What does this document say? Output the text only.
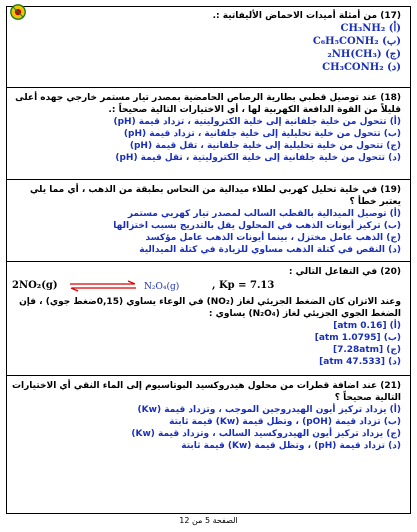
(17) من أمثلة أميدات الاحماض الأليفاتية :.
(أ) CH₃NH₂
(ب) C₆H₅CONH₂
(ج) (CH₃)₂NH
(د) CH₃CONH₂
(18) عند توصيل قطبي بطارية الرصاص الحامضية بمصدر تيار مستمر خارجي جهده أعلى قليلاً من القوة الدافعة الكهربية لها ، أي الاختيارات التالية صحيحاً :.
(أ) تتحول من خلية جلفانية إلى خلية الكتروليتية ، تزداد قيمة (pH)
(ب) تتحول من خلية تحليلية إلى خلية جلفانية ، تزداد قيمة (pH)
(ج) تتحول من خلية تحليلية إلى خلية جلفانية ، تقل قيمة (pH)
(د) تتحول من خلية جلفانية إلى خلية الكتروليتية ، تقل قيمة (pH)
(19) في خلية تحليل كهربي لطلاء ميدالية من النحاس بطبقة من الذهب ، أي مما يلي يعتبر خطأ ؟
(أ) توصيل الميدالية بالقطب السالب لمصدر تيار كهربي مستمر
(ب) تركيز أيونات الذهب في المحلول يقل بالتدريج بسبب اختزالها
(ج) الذهب عامل مختزل ، بينما أيونات الذهب عامل مؤكسد
(د) النقص في كتلة الذهب مساوي للزيادة في كتلة الميدالية
(20) في التفاعل التالي :
2NO₂(g)	N₂O₄(g)	Kp = 7.13 ,
وعند الاتزان كان الضغط الجزيئي لغاز (NO₂) في الوعاء يساوي (0,15ضغط جوي) ، فإن الضغط الجوي الجزيئي لغاز (N₂O₄) يساوي :
(أ) [0.16 atm]
(ب) [1.0795 atm]
(ج) [7.28atm]
(د) [47.533 atm]
(21) عند اضافة قطرات من محلول هيدروكسيد البوتاسيوم إلى الماء النقي أي الاختيارات التالية صحيحاً ؟
(أ) يزداد تركيز أيون الهيدروجين الموجب ، وتزداد قيمة (Kw)
(ب) تزداد قيمة (pOH) ، وتظل قيمة (Kw) قيمة ثابتة
(ج) يزداد تركيز أيون الهيدروكسيد السالب ، وتزداد قيمة (Kw)
(د) تزداد قيمة (pH) ، وتظل قيمة (Kw) قيمة ثابتة
الصفحة 5 من 12
